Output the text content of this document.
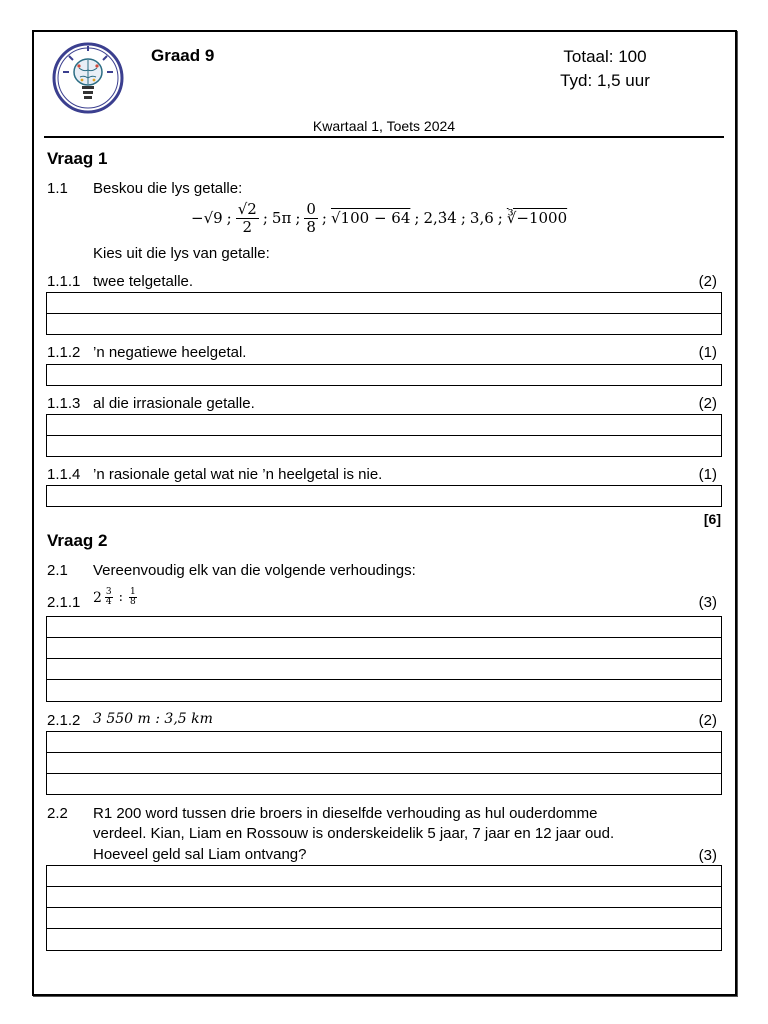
Graad 9	Totaal: 100
Tyd: 1,5 uur
Kwartaal 1, Toets 2024
Vraag 1
1.1 Beskou die lys getalle:
−√9 ; $\frac{√2}{2}$ ; 5π ; $\frac{0}{8}$ ; √100 − 64 ; 2,3̇4̇ ; 3,6 ; ∛−1000
Kies uit die lys van getalle:
1.1.1 twee telgetalle.	(2)
1.1.2 ’n negatiewe heelgetal.	(1)
1.1.3 al die irrasionale getalle.	(2)
1.1.4 ’n rasionale getal wat nie ’n heelgetal is nie.	(1)
[6]
Vraag 2
2.1 Vereenvoudig elk van die volgende verhoudings:
2.1.1 2 3
4 : 1
8	(3)
2.1.2 3 550 m : 3,5 km	(2)
2.2 R1 200 word tussen drie broers in dieselfde verhouding as hul ouderdomme
verdeel. Kian, Liam en Rossouw is onderskeidelik 5 jaar, 7 jaar en 12 jaar oud.
Hoeveel geld sal Liam ontvang?	(3)
